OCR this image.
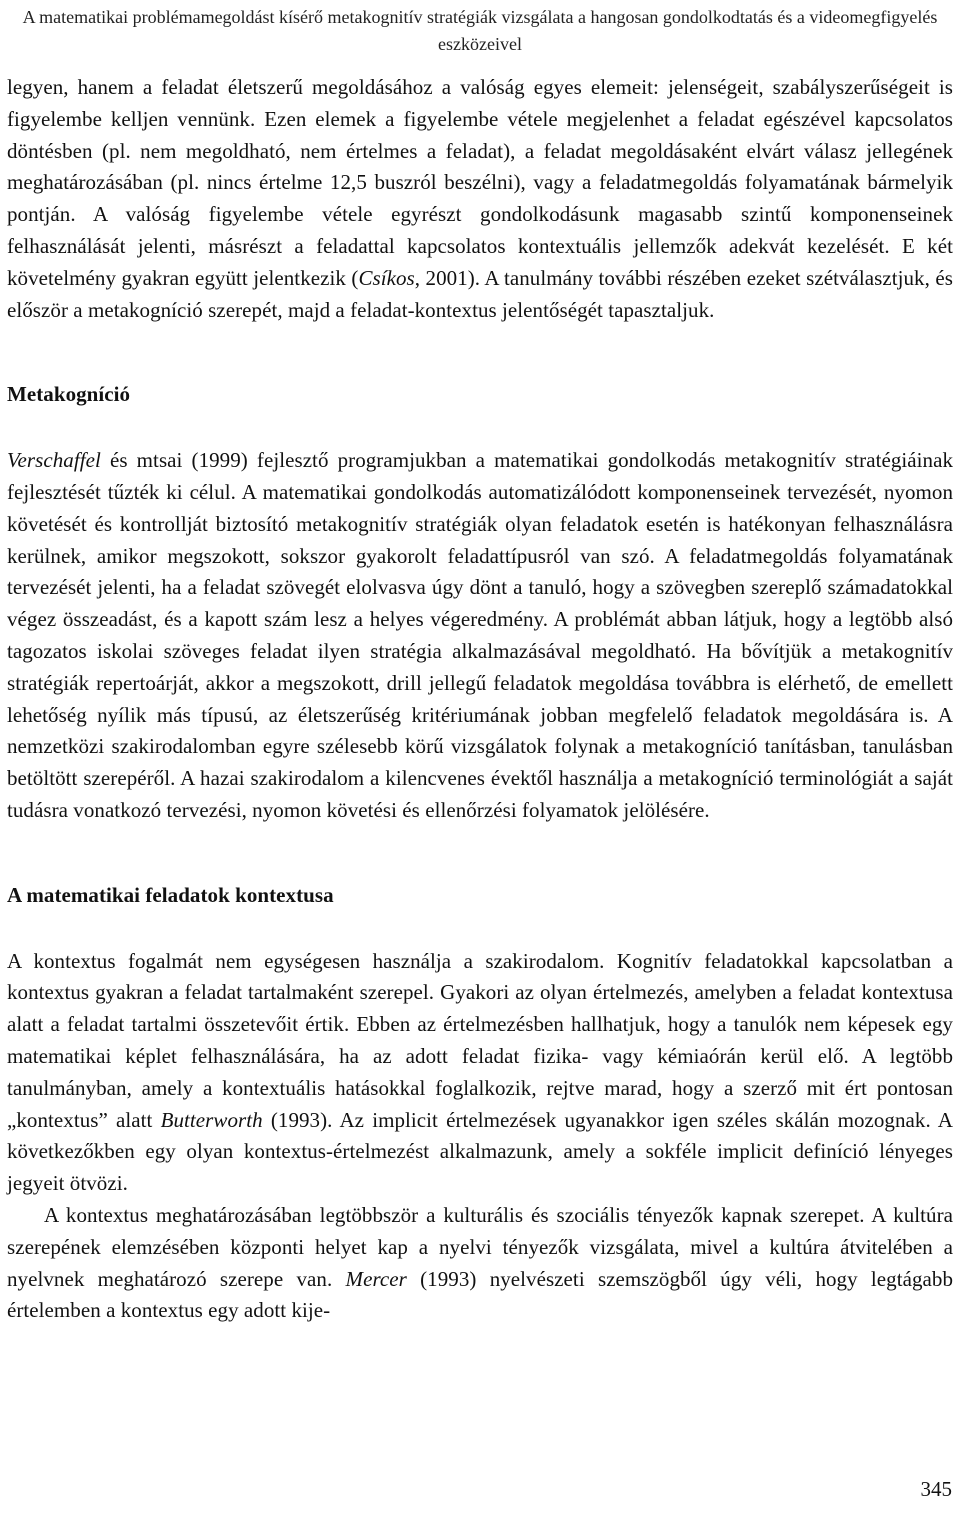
A matematikai problémamegoldást kísérő metakognitív stratégiák vizsgálata a hangosan gondolkodtatás és a videomegfigyelés eszközeivel

legyen, hanem a feladat életszerű megoldásához a valóság egyes elemeit: jelenségeit, szabályszerűségeit is figyelembe kelljen vennünk. Ezen elemek a figyelembe vétele megjelenhet a feladat egészével kapcsolatos döntésben (pl. nem megoldható, nem értelmes a feladat), a feladat megoldásaként elvárt válasz jellegének meghatározásában (pl. nincs értelme 12,5 buszról beszélni), vagy a feladatmegoldás folyamatának bármelyik pontján. A valóság figyelembe vétele egyrészt gondolkodásunk magasabb szintű komponenseinek felhasználását jelenti, másrészt a feladattal kapcsolatos kontextuális jellemzők adekvát kezelését. E két követelmény gyakran együtt jelentkezik (Csíkos, 2001). A tanulmány további részében ezeket szétválasztjuk, és először a metakogníció szerepét, majd a feladat-kontextus jelentőségét tapasztaljuk.

Metakogníció

Verschaffel és mtsai (1999) fejlesztő programjukban a matematikai gondolkodás metakognitív stratégiáinak fejlesztését tűzték ki célul. A matematikai gondolkodás automatizálódott komponenseinek tervezését, nyomon követését és kontrollját biztosító metakognitív stratégiák olyan feladatok esetén is hatékonyan felhasználásra kerülnek, amikor megszokott, sokszor gyakorolt feladattípusról van szó. A feladatmegoldás folyamatának tervezését jelenti, ha a feladat szövegét elolvasva úgy dönt a tanuló, hogy a szövegben szereplő számadatokkal végez összeadást, és a kapott szám lesz a helyes végeredmény. A problémát abban látjuk, hogy a legtöbb alsó tagozatos iskolai szöveges feladat ilyen stratégia alkalmazásával megoldható. Ha bővítjük a metakognitív stratégiák repertoárját, akkor a megszokott, drill jellegű feladatok megoldása továbbra is elérhető, de emellett lehetőség nyílik más típusú, az életszerűség kritériumának jobban megfelelő feladatok megoldására is. A nemzetközi szakirodalomban egyre szélesebb körű vizsgálatok folynak a metakogníció tanításban, tanulásban betöltött szerepéről. A hazai szakirodalom a kilencvenes évektől használja a metakogníció terminológiát a saját tudásra vonatkozó tervezési, nyomon követési és ellenőrzési folyamatok jelölésére.

A matematikai feladatok kontextusa

A kontextus fogalmát nem egységesen használja a szakirodalom. Kognitív feladatokkal kapcsolatban a kontextus gyakran a feladat tartalmaként szerepel. Gyakori az olyan értelmezés, amelyben a feladat kontextusa alatt a feladat tartalmi összetevőit értik. Ebben az értelmezésben hallhatjuk, hogy a tanulók nem képesek egy matematikai képlet felhasználására, ha az adott feladat fizika- vagy kémiaórán kerül elő. A legtöbb tanulmányban, amely a kontextuális hatásokkal foglalkozik, rejtve marad, hogy a szerző mit ért pontosan „kontextus” alatt Butterworth (1993). Az implicit értelmezések ugyanakkor igen széles skálán mozognak. A következőkben egy olyan kontextus-értelmezést alkalmazunk, amely a sokféle implicit definíció lényeges jegyeit ötvözi.

A kontextus meghatározásában legtöbbször a kulturális és szociális tényezők kapnak szerepet. A kultúra szerepének elemzésében központi helyet kap a nyelvi tényezők vizsgálata, mivel a kultúra átvitelében a nyelvnek meghatározó szerepe van. Mercer (1993) nyelvészeti szemszögből úgy véli, hogy legtágabb értelemben a kontextus egy adott kije-

345
